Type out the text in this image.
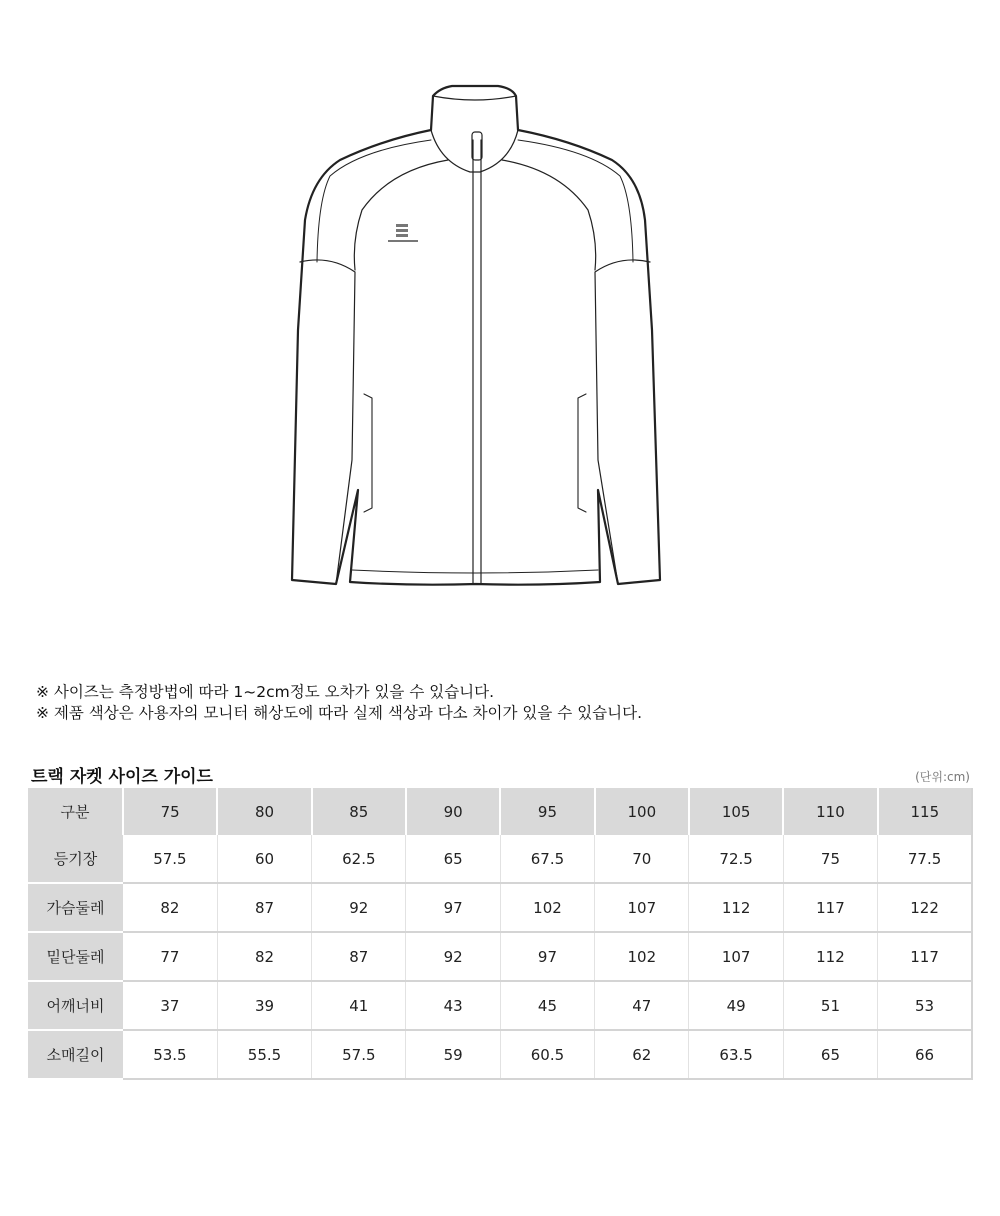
※ 사이즈는 측정방법에 따라 1~2cm정도 오차가 있을 수 있습니다.

※ 제품 색상은 사용자의 모니터 해상도에 따라 실제 색상과 다소 차이가 있을 수 있습니다.

트랙 자켓 사이즈 가이드	(단위:cm)
구분	75	80	85	90	95	100	105	110	115
등기장	57.5	60	62.5	65	67.5	70	72.5	75	77.5
가슴둘레	82	87	92	97	102	107	112	117	122
밑단둘레	77	82	87	92	97	102	107	112	117
어깨너비	37	39	41	43	45	47	49	51	53
소매길이	53.5	55.5	57.5	59	60.5	62	63.5	65	66
